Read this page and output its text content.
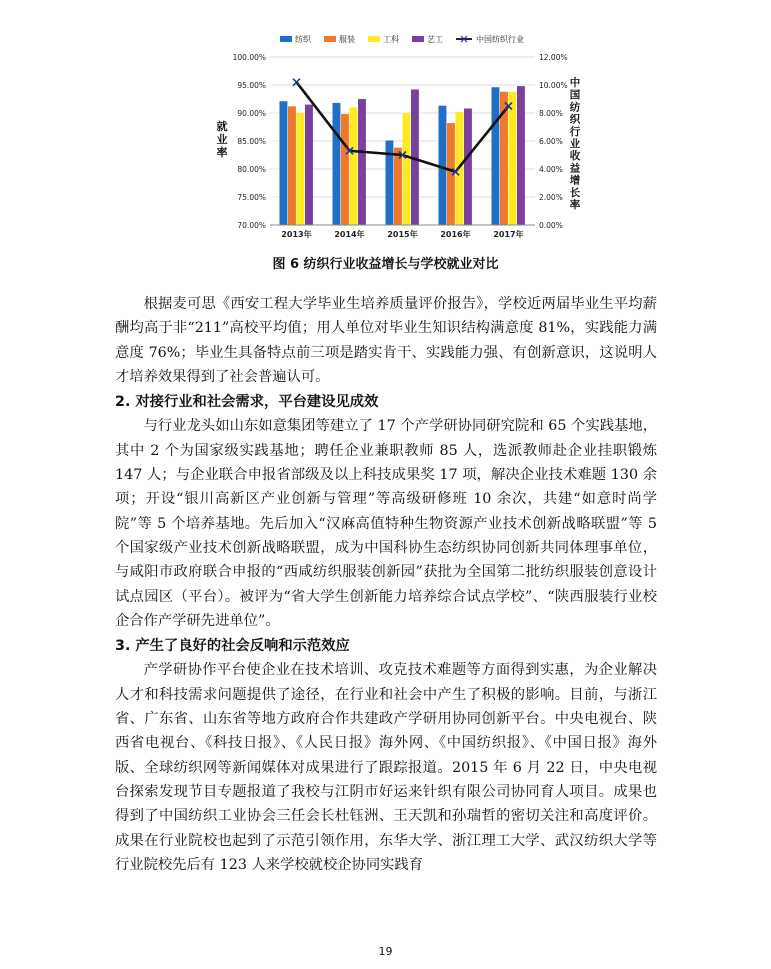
纺织	服装	工科	艺工	中国纺织行业
70.00%	0.00%
75.00%	2.00%
80.00%	4.00%
85.00%	6.00%
90.00%	8.00%
95.00%	10.00%
100.00%	12.00%
2013年	2014年	2015年	2016年	2017年
就
业
率
中
国
纺
织
行
业
收
益
增
长
率
图 6 纺织行业收益增长与学校就业对比

根据麦可思《西安工程大学毕业生培养质量评价报告》，学校近两届毕业生平均薪酬均高于非“211”高校平均值；用人单位对毕业生知识结构满意度 81%，实践能力满意度 76%；毕业生具备特点前三项是踏实肯干、实践能力强、有创新意识，这说明人才培养效果得到了社会普遍认可。

2. 对接行业和社会需求，平台建设见成效

与行业龙头如山东如意集团等建立了 17 个产学研协同研究院和 65 个实践基地，其中 2 个为国家级实践基地；聘任企业兼职教师 85 人，选派教师赴企业挂职锻炼 147 人；与企业联合申报省部级及以上科技成果奖 17 项，解决企业技术难题 130 余项；开设“银川高新区产业创新与管理”等高级研修班 10 余次，共建“如意时尚学院”等 5 个培养基地。先后加入“汉麻高值特种生物资源产业技术创新战略联盟”等 5 个国家级产业技术创新战略联盟，成为中国科协生态纺织协同创新共同体理事单位，与咸阳市政府联合申报的“西咸纺织服装创新园”获批为全国第二批纺织服装创意设计试点园区（平台）。被评为“省大学生创新能力培养综合试点学校”、“陕西服装行业校企合作产学研先进单位”。

3. 产生了良好的社会反响和示范效应

产学研协作平台使企业在技术培训、攻克技术难题等方面得到实惠，为企业解决人才和科技需求问题提供了途径，在行业和社会中产生了积极的影响。目前，与浙江省、广东省、山东省等地方政府合作共建政产学研用协同创新平台。中央电视台、陕西省电视台、《科技日报》、《人民日报》海外网、《中国纺织报》、《中国日报》海外版、全球纺织网等新闻媒体对成果进行了跟踪报道。2015 年 6 月 22 日，中央电视台探索发现节目专题报道了我校与江阴市好运来针织有限公司协同育人项目。成果也得到了中国纺织工业协会三任会长杜钰洲、王天凯和孙瑞哲的密切关注和高度评价。成果在行业院校也起到了示范引领作用，东华大学、浙江理工大学、武汉纺织大学等行业院校先后有 123 人来学校就校企协同实践育

19
